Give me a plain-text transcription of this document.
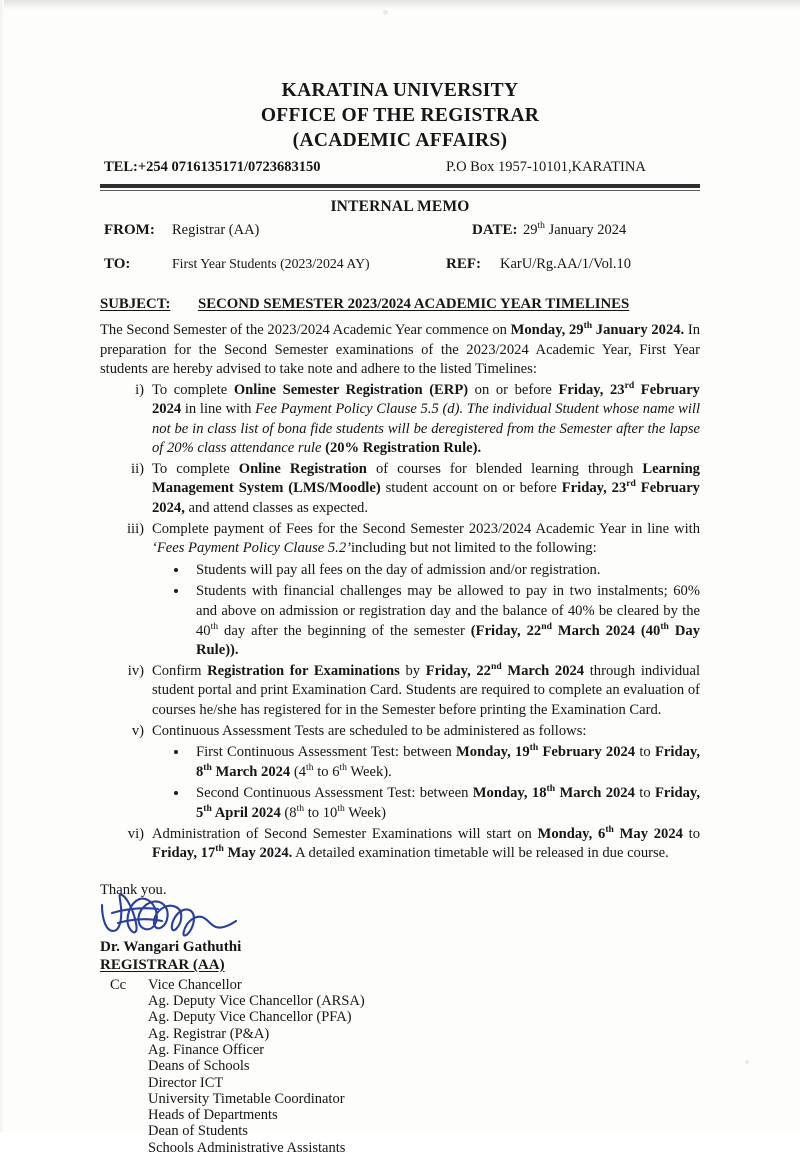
KARATINA UNIVERSITY
OFFICE OF THE REGISTRAR
(ACADEMIC AFFAIRS)
TEL:+254 0716135171/0723683150	P.O Box 1957-10101,KARATINA
INTERNAL MEMO
FROM: Registrar (AA)	DATE: 29th January 2024
TO:	First Year Students (2023/2024 AY)	REF: KarU/Rg.AA/1/Vol.10
SUBJECT: SECOND SEMESTER 2023/2024 ACADEMIC YEAR TIMELINES
The Second Semester of the 2023/2024 Academic Year commence on Monday, 29th January 2024. In preparation for the Second Semester examinations of the 2023/2024 Academic Year, First Year students are hereby advised to take note and adhere to the listed Timelines:
i) To complete Online Semester Registration (ERP) on or before Friday, 23rd February 2024 in line with Fee Payment Policy Clause 5.5 (d). The individual Student whose name will not be in class list of bona fide students will be deregistered from the Semester after the lapse of 20% class attendance rule (20% Registration Rule).
ii) To complete Online Registration of courses for blended learning through Learning Management System (LMS/Moodle) student account on or before Friday, 23rd February 2024, and attend classes as expected.
iii) Complete payment of Fees for the Second Semester 2023/2024 Academic Year in line with ‘Fees Payment Policy Clause 5.2’including but not limited to the following:
Students will pay all fees on the day of admission and/or registration.
Students with financial challenges may be allowed to pay in two instalments; 60% and above on admission or registration day and the balance of 40% be cleared by the 40th day after the beginning of the semester (Friday, 22nd March 2024 (40th Day Rule)).
iv) Confirm Registration for Examinations by Friday, 22nd March 2024 through individual student portal and print Examination Card. Students are required to complete an evaluation of courses he/she has registered for in the Semester before printing the Examination Card.
v) Continuous Assessment Tests are scheduled to be administered as follows:
First Continuous Assessment Test: between Monday, 19th February 2024 to Friday, 8th March 2024 (4th to 6th Week).
Second Continuous Assessment Test: between Monday, 18th March 2024 to Friday, 5th April 2024 (8th to 10th Week)
vi) Administration of Second Semester Examinations will start on Monday, 6th May 2024 to Friday, 17th May 2024. A detailed examination timetable will be released in due course.
Thank you.
Dr. Wangari Gathuthi
REGISTRAR (AA)
Cc Vice Chancellor
Ag. Deputy Vice Chancellor (ARSA)
Ag. Deputy Vice Chancellor (PFA)
Ag. Registrar (P&A)
Ag. Finance Officer
Deans of Schools
Director ICT
University Timetable Coordinator
Heads of Departments
Dean of Students
Schools Administrative Assistants
